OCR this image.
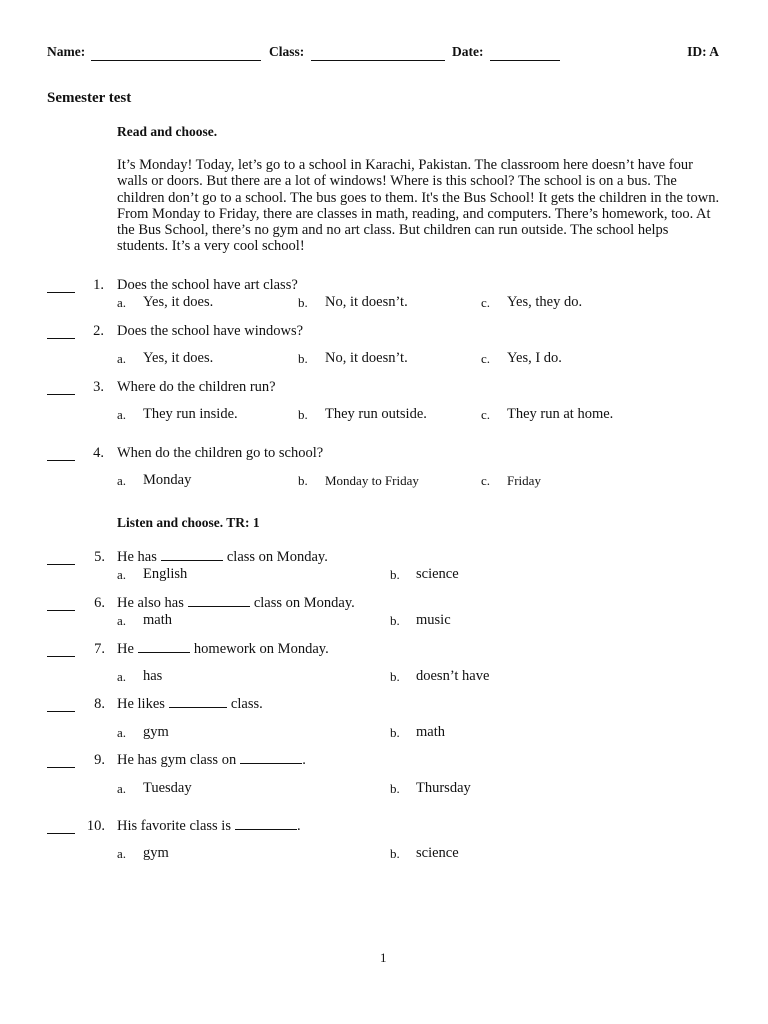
Name:	Class:	Date:	ID: A
Semester test
Read and choose.
It’s Monday! Today, let’s go to a school in Karachi, Pakistan. The classroom here doesn’t have four walls or doors. But there are a lot of windows! Where is this school? The school is on a bus. The children don’t go to a school. The bus goes to them. It's the Bus School! It gets the children in the town. From Monday to Friday, there are classes in math, reading, and computers. There’s homework, too. At the Bus School, there’s no gym and no art class. But children can run outside. The school helps students. It’s a very cool school!
1. Does the school have art class?
a. Yes, it does.	b. No, it doesn’t.	c. Yes, they do.
2. Does the school have windows?
a. Yes, it does.	b. No, it doesn’t.	c. Yes, I do.
3. Where do the children run?
a. They run inside.	b. They run outside.	c. They run at home.
4. When do the children go to school?
a. Monday	b. Monday to Friday	c. Friday
Listen and choose. TR: 1
5. He has	class on Monday.
a. English	b. science
6. He also has	class on Monday.
a. math	b. music
7. He	homework on Monday.
a. has	b. doesn’t have
8. He likes	class.
a. gym	b. math
9. He has gym class on	.
a. Tuesday	b. Thursday
10. His favorite class is	.
a. gym	b. science
1
